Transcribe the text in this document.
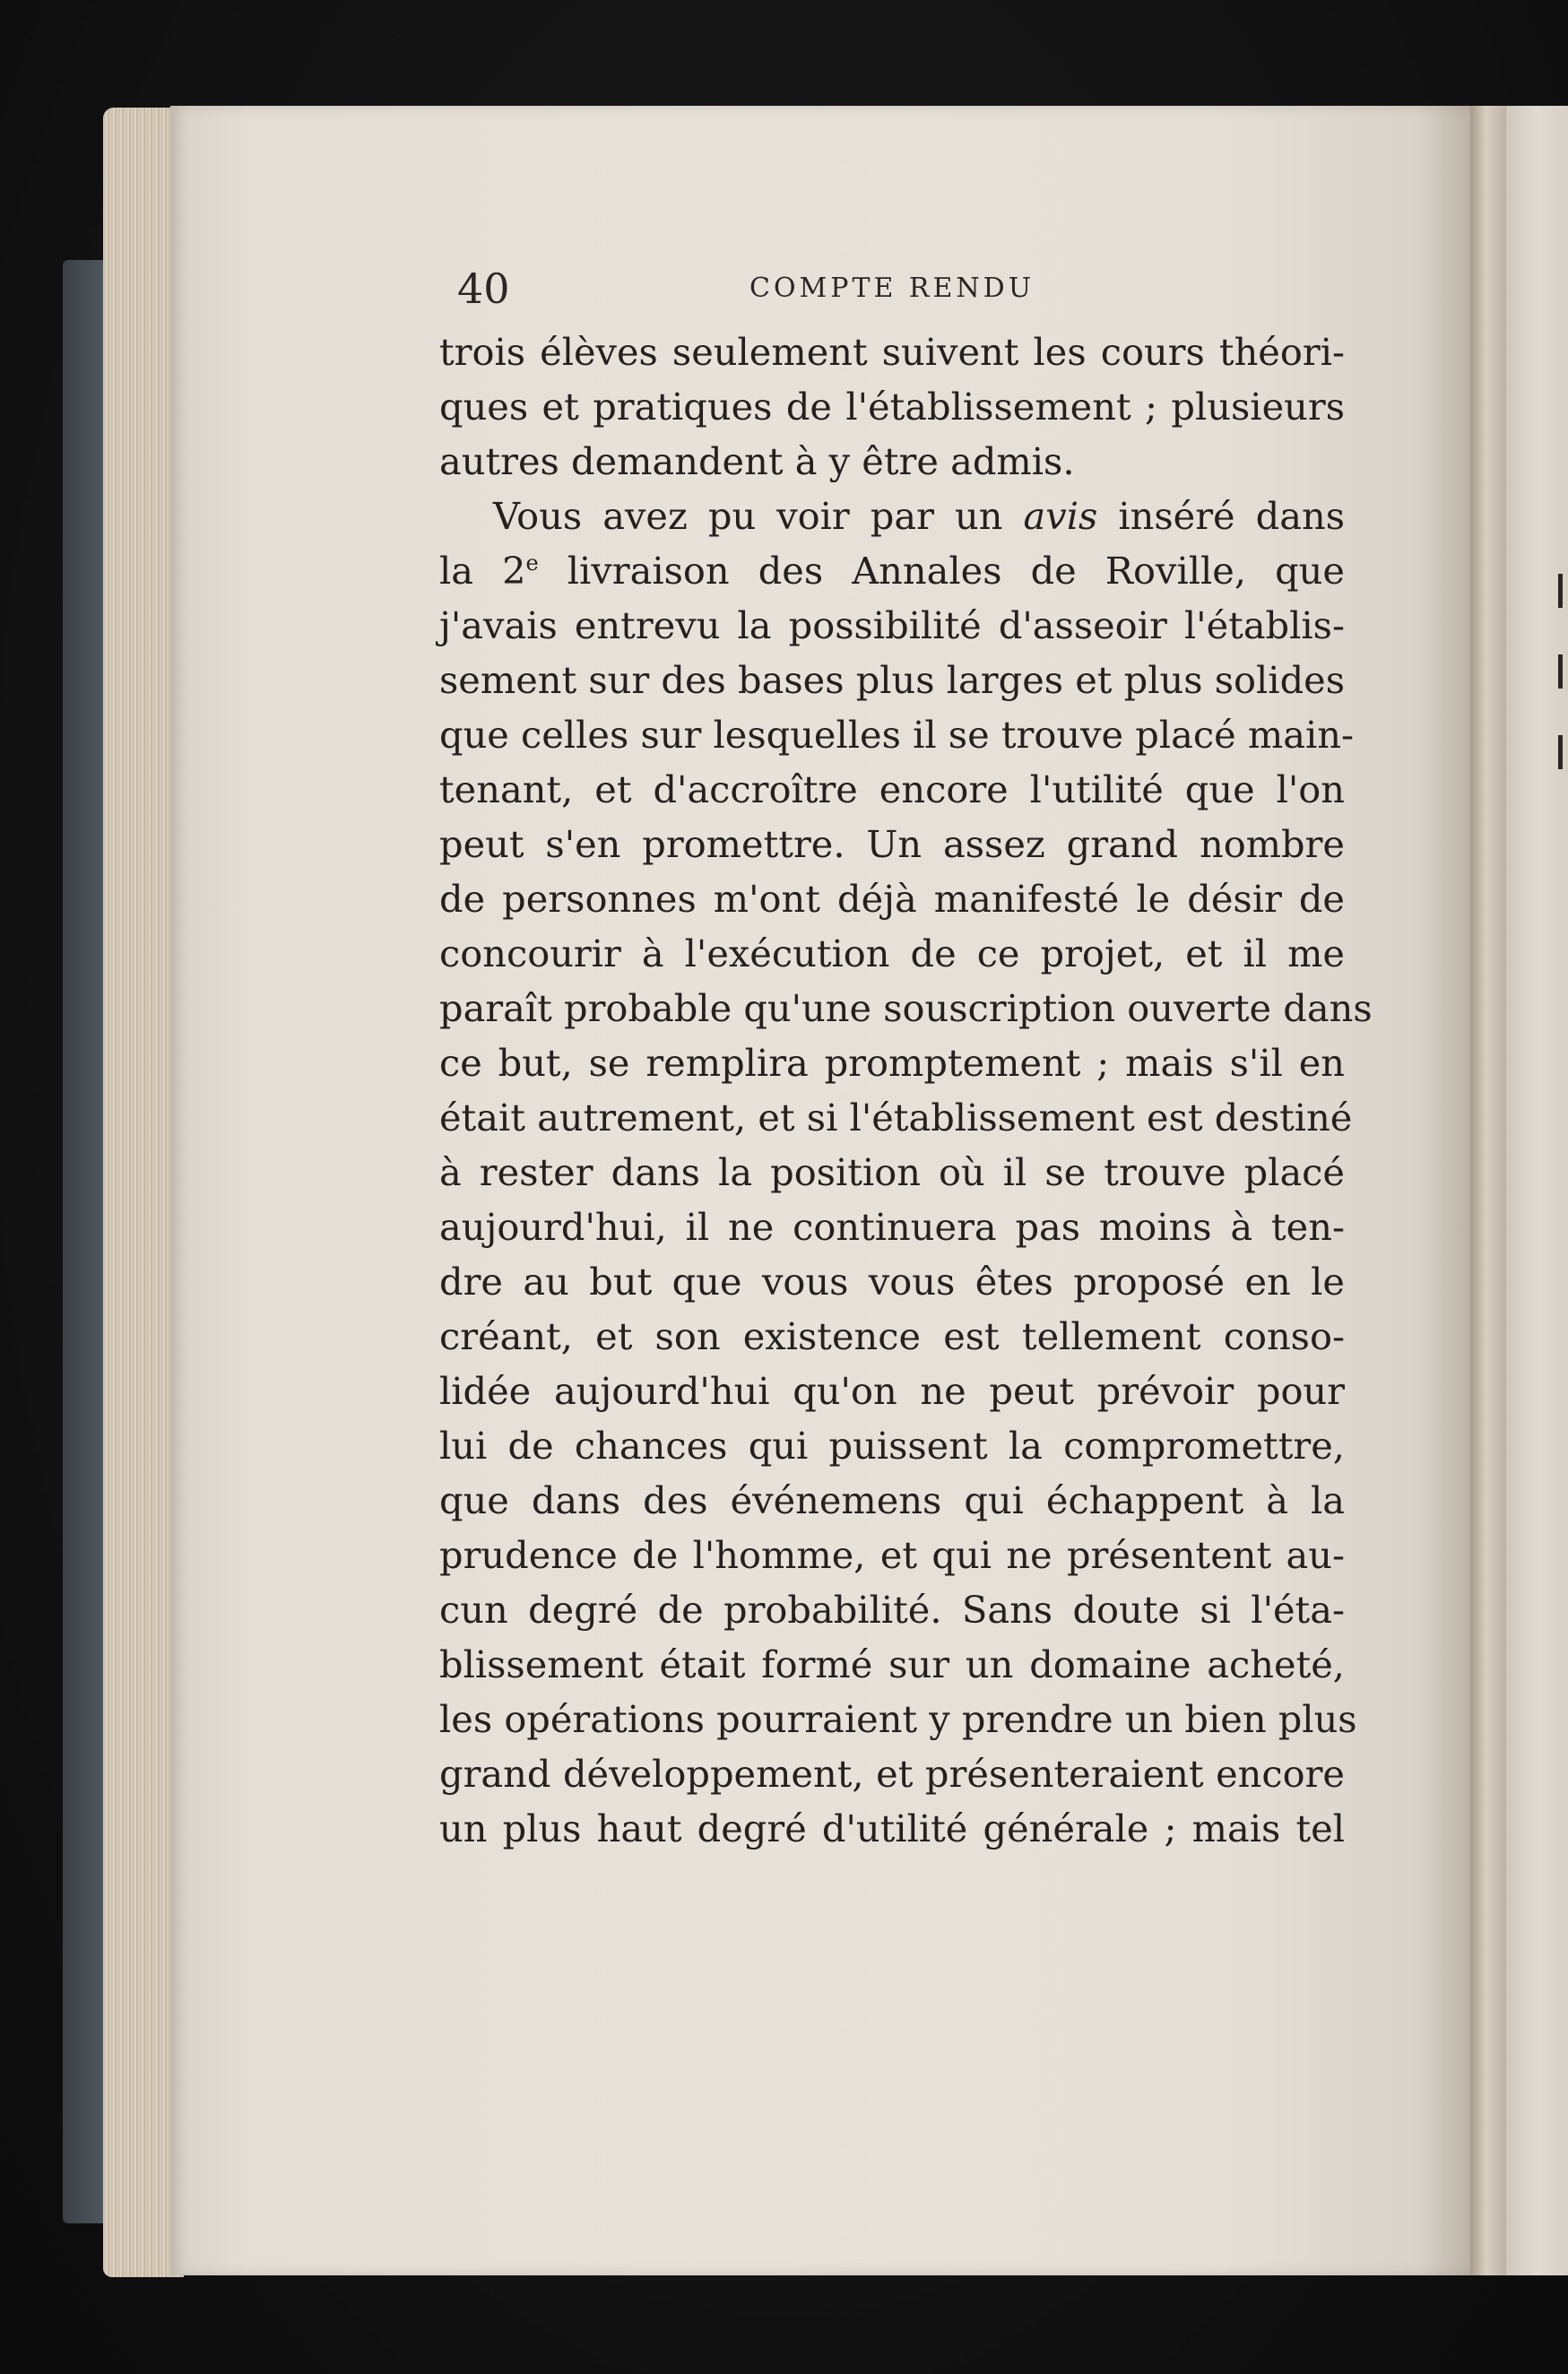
40	COMPTE RENDU
trois élèves seulement suivent les cours théori-
ques et pratiques de l'établissement ; plusieurs
autres demandent à y être admis.
Vous avez pu voir par un avis inséré dans
la 2e livraison des Annales de Roville, que
j'avais entrevu la possibilité d'asseoir l'établis-
sement sur des bases plus larges et plus solides
que celles sur lesquelles il se trouve placé main-
tenant, et d'accroître encore l'utilité que l'on
peut s'en promettre. Un assez grand nombre
de personnes m'ont déjà manifesté le désir de
concourir à l'exécution de ce projet, et il me
paraît probable qu'une souscription ouverte dans
ce but, se remplira promptement ; mais s'il en
était autrement, et si l'établissement est destiné
à rester dans la position où il se trouve placé
aujourd'hui, il ne continuera pas moins à ten-
dre au but que vous vous êtes proposé en le
créant, et son existence est tellement conso-
lidée aujourd'hui qu'on ne peut prévoir pour
lui de chances qui puissent la compromettre,
que dans des événemens qui échappent à la
prudence de l'homme, et qui ne présentent au-
cun degré de probabilité. Sans doute si l'éta-
blissement était formé sur un domaine acheté,
les opérations pourraient y prendre un bien plus
grand développement, et présenteraient encore
un plus haut degré d'utilité générale ; mais tel
